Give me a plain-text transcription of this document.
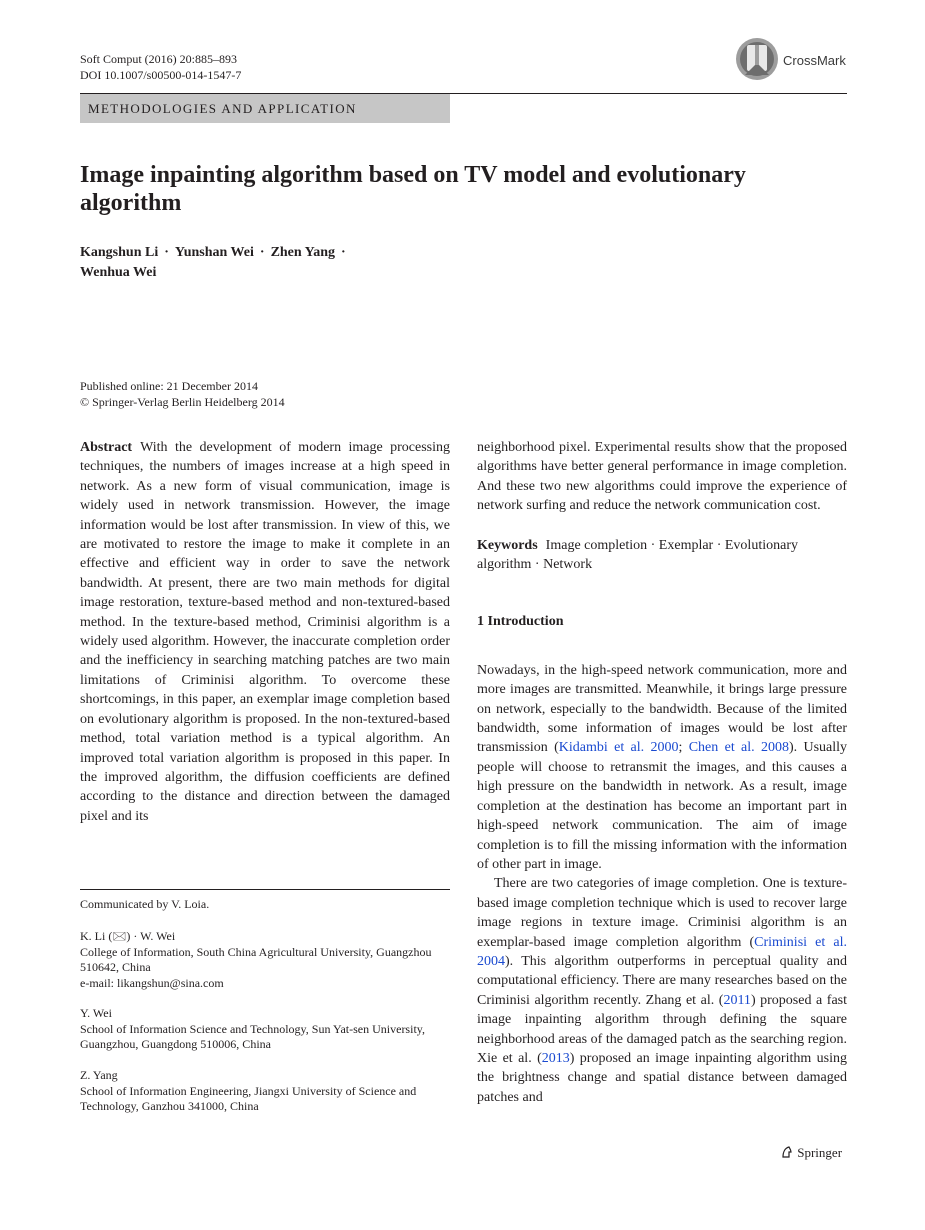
Soft Comput (2016) 20:885–893
DOI 10.1007/s00500-014-1547-7
CrossMark
METHODOLOGIES AND APPLICATION
Image inpainting algorithm based on TV model and evolutionary algorithm
Kangshun Li · Yunshan Wei · Zhen Yang ·
Wenhua Wei
Published online: 21 December 2014
© Springer-Verlag Berlin Heidelberg 2014

Abstract With the development of modern image processing techniques, the numbers of images increase at a high speed in network. As a new form of visual communication, image is widely used in network transmission. However, the image information would be lost after transmission. In view of this, we are motivated to restore the image to make it complete in an effective and efficient way in order to save the network bandwidth. At present, there are two main methods for digital image restoration, texture-based method and non-textured-based method. In the texture-based method, Criminisi algorithm is a widely used algorithm. However, the inaccurate completion order and the inefficiency in searching matching patches are two main limitations of Criminisi algorithm. To overcome these shortcomings, in this paper, an exemplar image completion based on evolutionary algorithm is proposed. In the non-textured-based method, total variation method is a typical algorithm. An improved total variation algorithm is proposed in this paper. In the improved algorithm, the diffusion coefficients are defined according to the distance and direction between the damaged pixel and its

neighborhood pixel. Experimental results show that the proposed algorithms have better general performance in image completion. And these two new algorithms could improve the experience of network surfing and reduce the network communication cost.

Keywords Image completion · Exemplar · Evolutionary algorithm · Network

1 Introduction

Nowadays, in the high-speed network communication, more and more images are transmitted. Meanwhile, it brings large pressure on network, especially to the bandwidth. Because of the limited bandwidth, some information of images would be lost after transmission (Kidambi et al. 2000; Chen et al. 2008). Usually people will choose to retransmit the images, and this causes a high pressure on the bandwidth in network. As a result, image completion at the destination has become an important part in high-speed network communication. The aim of image completion is to fill the missing information with the information of other part in image.

There are two categories of image completion. One is texture-based image completion technique which is used to recover large image regions in texture image. Criminisi algorithm is an exemplar-based image completion algorithm (Criminisi et al. 2004). This algorithm outperforms in perceptual quality and computational efficiency. There are many researches based on the Criminisi algorithm recently. Zhang et al. (2011) proposed a fast image inpainting algorithm through defining the square neighborhood areas of the damaged patch as the searching region. Xie et al. (2013) proposed an image inpainting algorithm using the brightness change and spatial distance between damaged patches and

Communicated by V. Loia.
K. Li (🖂) · W. Wei
College of Information, South China Agricultural University, Guangzhou 510642, China
e-mail: likangshun@sina.com
Y. Wei
School of Information Science and Technology, Sun Yat-sen University, Guangzhou, Guangdong 510006, China
Z. Yang
School of Information Engineering, Jiangxi University of Science and Technology, Ganzhou 341000, China
Springer
